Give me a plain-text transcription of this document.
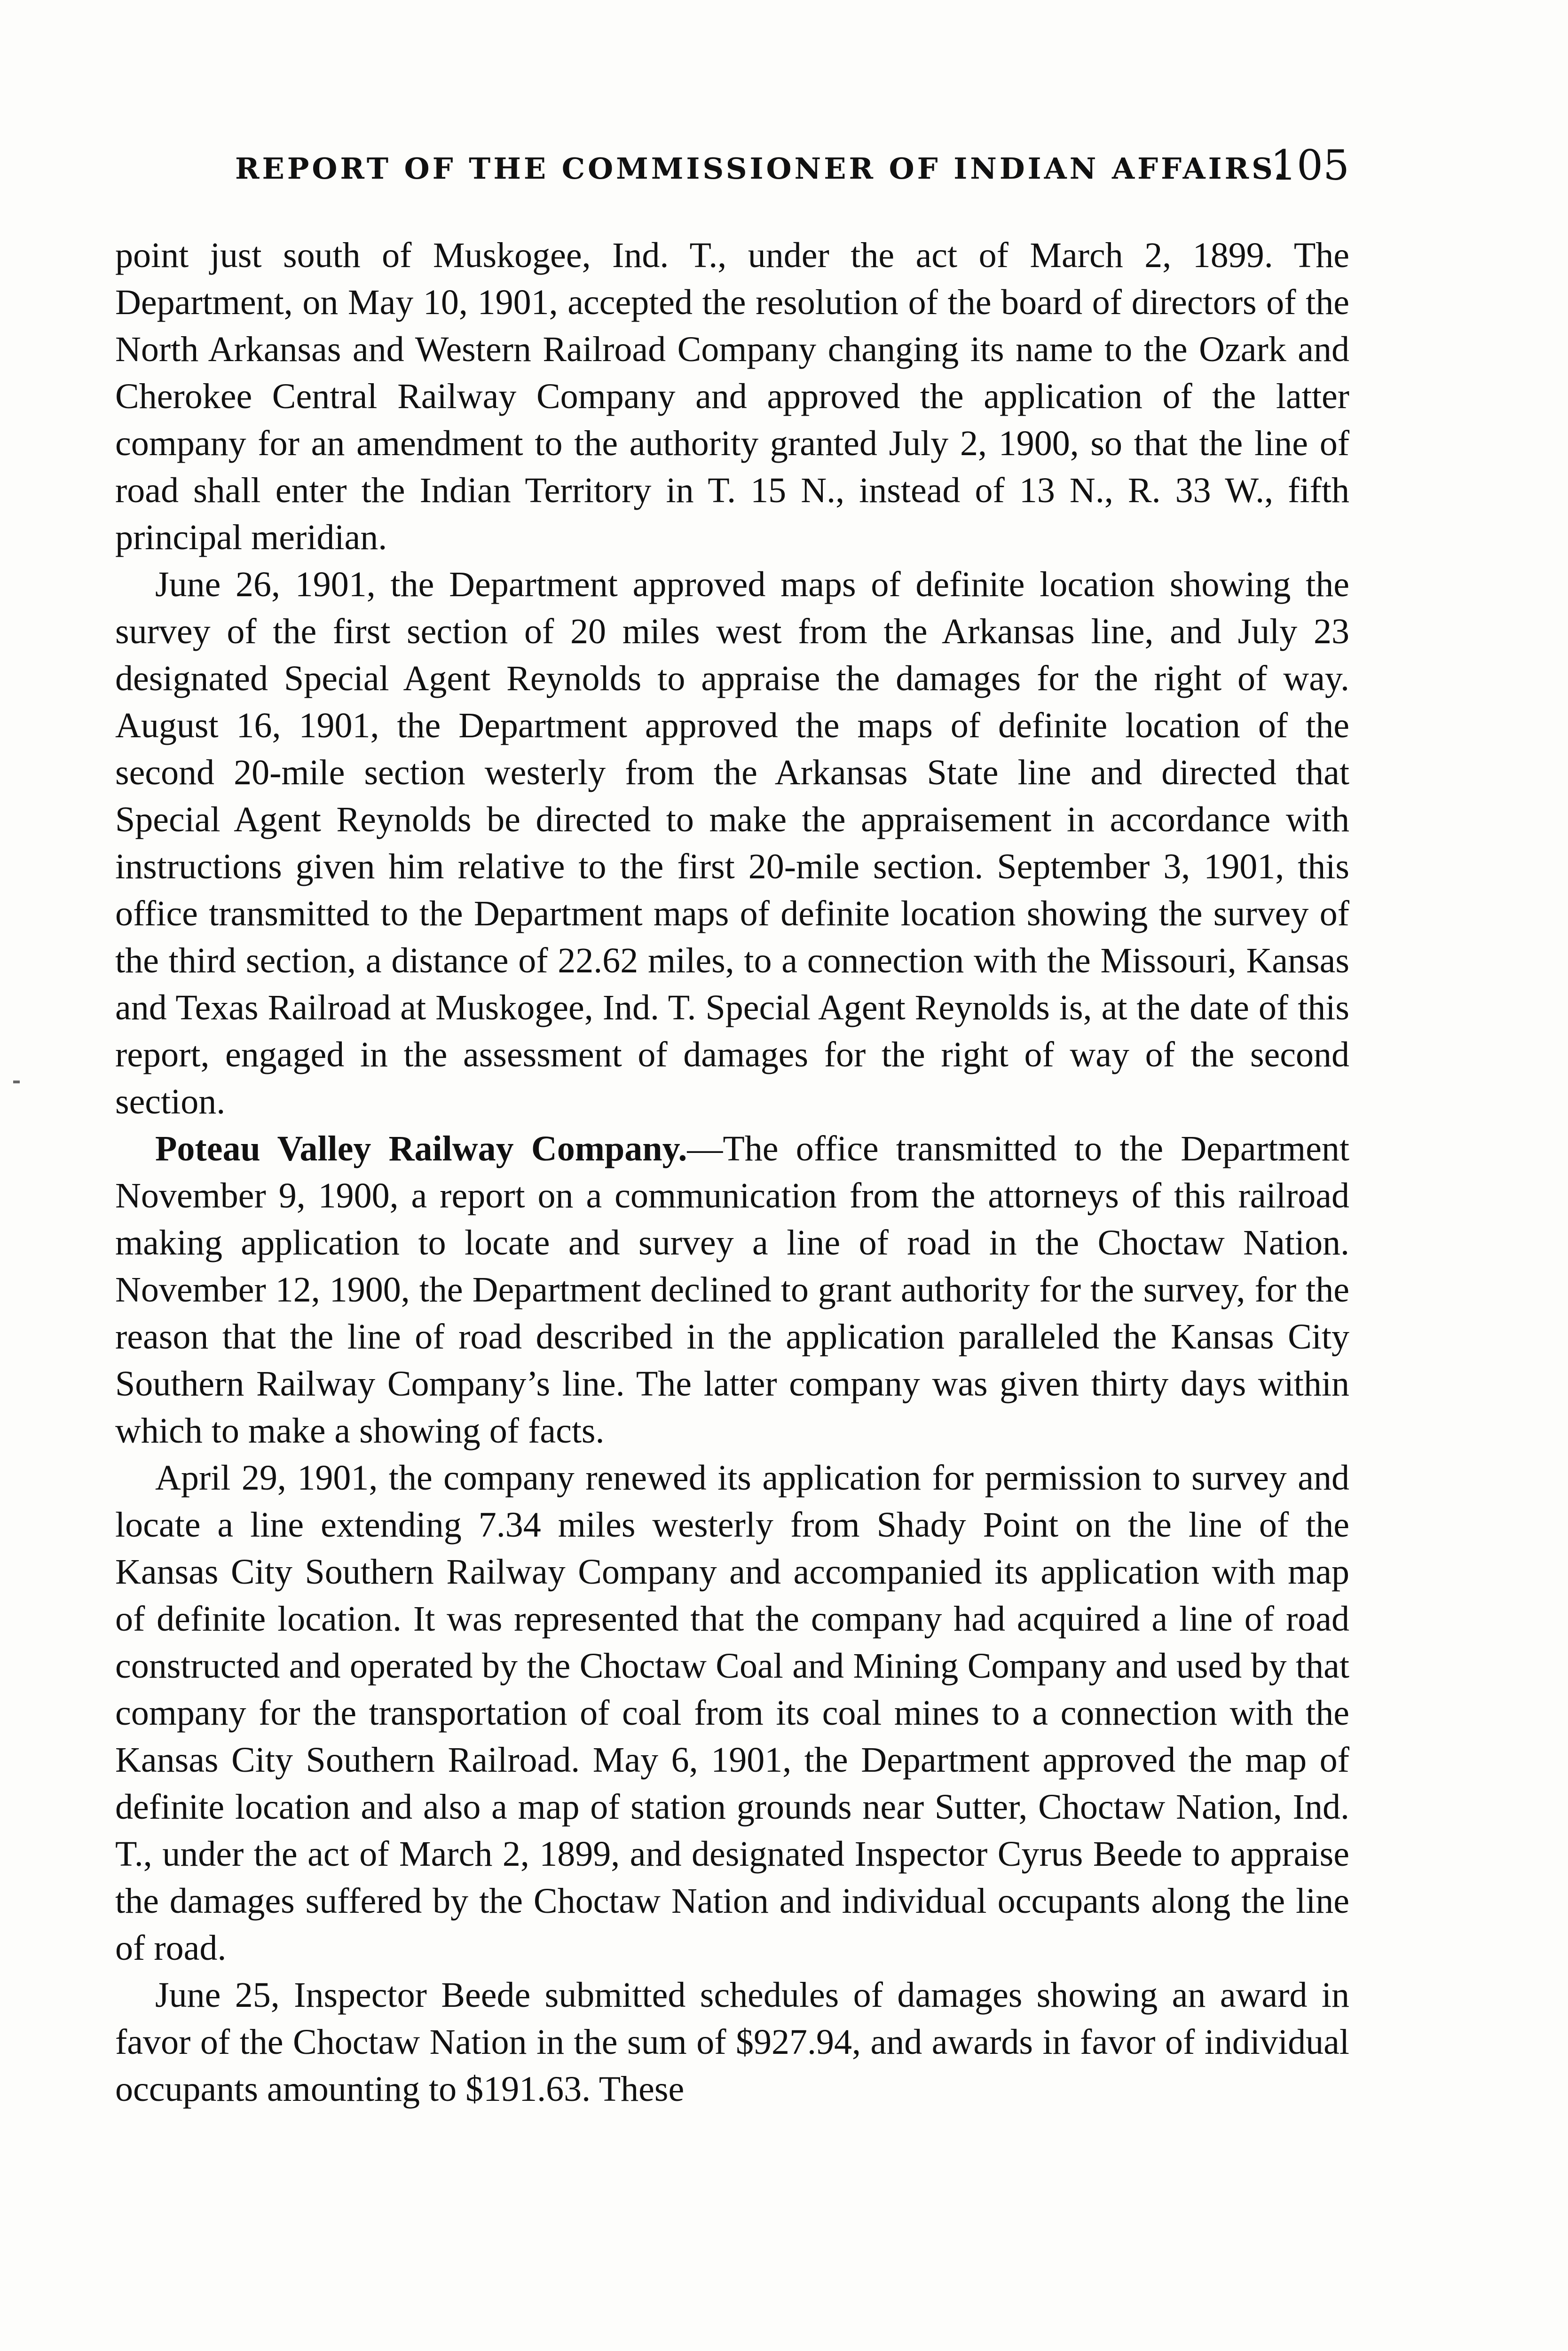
REPORT OF THE COMMISSIONER OF INDIAN AFFAIRS.
105

point just south of Muskogee, Ind. T., under the act of March 2, 1899. The Department, on May 10, 1901, accepted the resolution of the board of directors of the North Arkansas and Western Railroad Company changing its name to the Ozark and Cherokee Central Railway Company and approved the application of the latter company for an amendment to the authority granted July 2, 1900, so that the line of road shall enter the Indian Territory in T. 15 N., instead of 13 N., R. 33 W., fifth principal meridian.

June 26, 1901, the Department approved maps of definite location showing the survey of the first section of 20 miles west from the Arkansas line, and July 23 designated Special Agent Reynolds to appraise the damages for the right of way. August 16, 1901, the Department approved the maps of definite location of the second 20-mile section westerly from the Arkansas State line and directed that Special Agent Reynolds be directed to make the appraisement in accordance with instructions given him relative to the first 20-mile section. September 3, 1901, this office transmitted to the Department maps of definite location showing the survey of the third section, a distance of 22.62 miles, to a connection with the Missouri, Kansas and Texas Railroad at Muskogee, Ind. T. Special Agent Reynolds is, at the date of this report, engaged in the assessment of damages for the right of way of the second section.

Poteau Valley Railway Company.—The office transmitted to the Department November 9, 1900, a report on a communication from the attorneys of this railroad making application to locate and survey a line of road in the Choctaw Nation. November 12, 1900, the Department declined to grant authority for the survey, for the reason that the line of road described in the application paralleled the Kansas City Southern Railway Company’s line. The latter company was given thirty days within which to make a showing of facts.

April 29, 1901, the company renewed its application for permission to survey and locate a line extending 7.34 miles westerly from Shady Point on the line of the Kansas City Southern Railway Company and accompanied its application with map of definite location. It was represented that the company had acquired a line of road constructed and operated by the Choctaw Coal and Mining Company and used by that company for the transportation of coal from its coal mines to a connection with the Kansas City Southern Railroad. May 6, 1901, the Department approved the map of definite location and also a map of station grounds near Sutter, Choctaw Nation, Ind. T., under the act of March 2, 1899, and designated Inspector Cyrus Beede to appraise the damages suffered by the Choctaw Nation and individual occupants along the line of road.

June 25, Inspector Beede submitted schedules of damages showing an award in favor of the Choctaw Nation in the sum of $927.94, and awards in favor of individual occupants amounting to $191.63. These
